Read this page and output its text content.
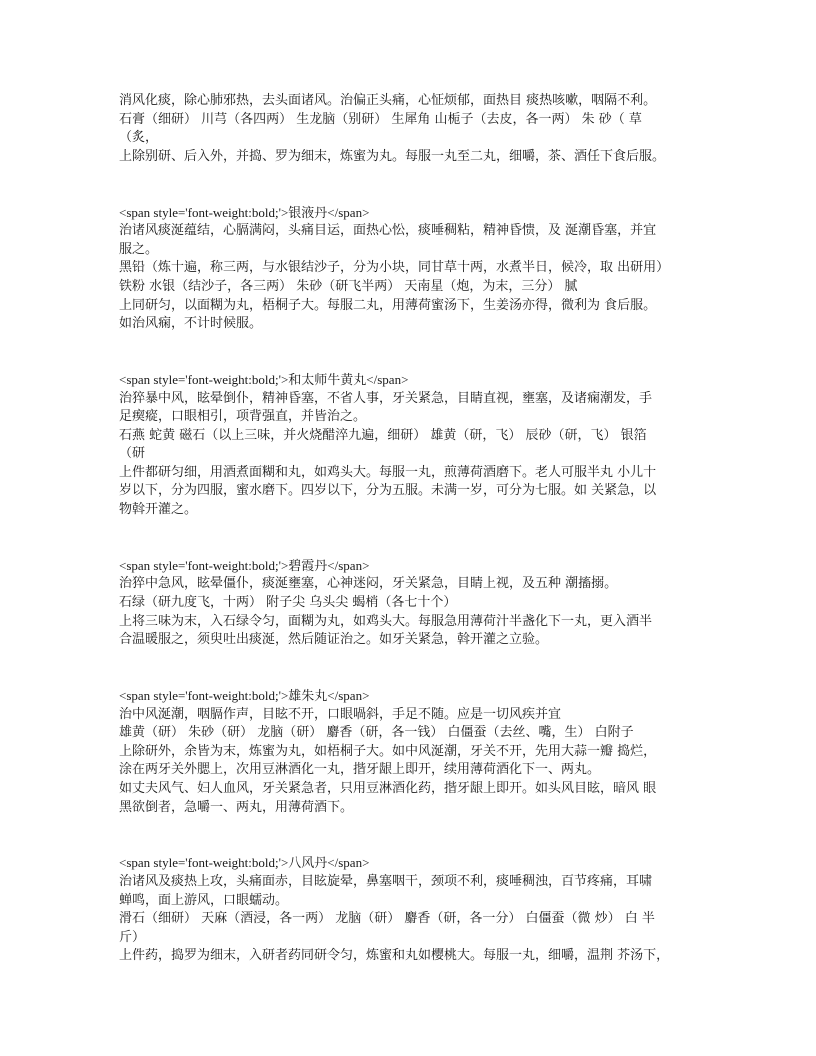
消风化痰，除心肺邪热，去头面诸风。治偏正头痛，心怔烦郁，面热目 痰热咳嗽，咽隔不利。
石膏（细研） 川芎（各四两） 生龙脑（别研） 生犀角 山栀子（去皮，各一两） 朱 砂（ 草
（炙，
上除别研、后入外，并捣、罗为细末，炼蜜为丸。每服一丸至二丸，细嚼，茶、酒任下食后服。
<span style='font-weight:bold;'>银液丹</span>
治诸风痰涎蕴结，心膈满闷，头痛目运，面热心忪，痰唾稠粘，精神昏愦，及 涎潮昏塞，并宜
服之。
黑铅（炼十遍，称三两，与水银结沙子，分为小块，同甘草十两，水煮半日，候冷，取 出研用）
铁粉 水银（结沙子，各三两） 朱砂（研飞半两） 天南星（炮，为末，三分） 腻
上同研匀，以面糊为丸，梧桐子大。每服二丸，用薄荷蜜汤下，生姜汤亦得，微利为 食后服。
如治风痫，不计时候服。
<span style='font-weight:bold;'>和太师牛黄丸</span>
治猝暴中风，眩晕倒仆，精神昏塞，不省人事，牙关紧急，目睛直视，壅塞，及诸痫潮发，手
足瘈瘲，口眼相引，项背强直，并皆治之。
石燕 蛇黄 磁石（以上三味，并火烧醋淬九遍，细研） 雄黄（研，飞） 辰砂（研，飞） 银箔
（研
上件都研匀细，用酒煮面糊和丸，如鸡头大。每服一丸，煎薄荷酒磨下。老人可服半丸 小儿十
岁以下，分为四服，蜜水磨下。四岁以下，分为五服。未满一岁，可分为七服。如 关紧急，以
物斡开灌之。
<span style='font-weight:bold;'>碧霞丹</span>
治猝中急风，眩晕僵仆，痰涎壅塞，心神迷闷，牙关紧急，目睛上视，及五种 潮搐搦。
石绿（研九度飞，十两） 附子尖 乌头尖 蝎梢（各七十个）
上将三味为末，入石绿令匀，面糊为丸，如鸡头大。每服急用薄荷汁半盏化下一丸，更入酒半
合温暖服之，须臾吐出痰涎，然后随证治之。如牙关紧急，斡开灌之立验。
<span style='font-weight:bold;'>雄朱丸</span>
治中风涎潮，咽膈作声，目眩不开，口眼喎斜，手足不随。应是一切风疾并宜
雄黄（研） 朱砂（研） 龙脑（研） 麝香（研，各一钱） 白僵蚕（去丝、嘴，生） 白附子
上除研外，余皆为末，炼蜜为丸，如梧桐子大。如中风涎潮，牙关不开，先用大蒜一瓣 捣烂，
涂在两牙关外腮上，次用豆淋酒化一丸，揩牙龈上即开，续用薄荷酒化下一、两丸。
如丈夫风气、妇人血风，牙关紧急者，只用豆淋酒化药，揩牙龈上即开。如头风目眩，暗风 眼
黑欲倒者，急嚼一、两丸，用薄荷酒下。
<span style='font-weight:bold;'>八风丹</span>
治诸风及痰热上攻，头痛面赤，目眩旋晕，鼻塞咽干，颈项不利，痰唾稠浊，百节疼痛，耳啸
蝉鸣，面上游风，口眼蠕动。
滑石（细研） 天麻（酒浸，各一两） 龙脑（研） 麝香（研，各一分） 白僵蚕（微 炒） 白 半
斤）
上件药，捣罗为细末，入研者药同研令匀，炼蜜和丸如樱桃大。每服一丸，细嚼，温荆 芥汤下，
